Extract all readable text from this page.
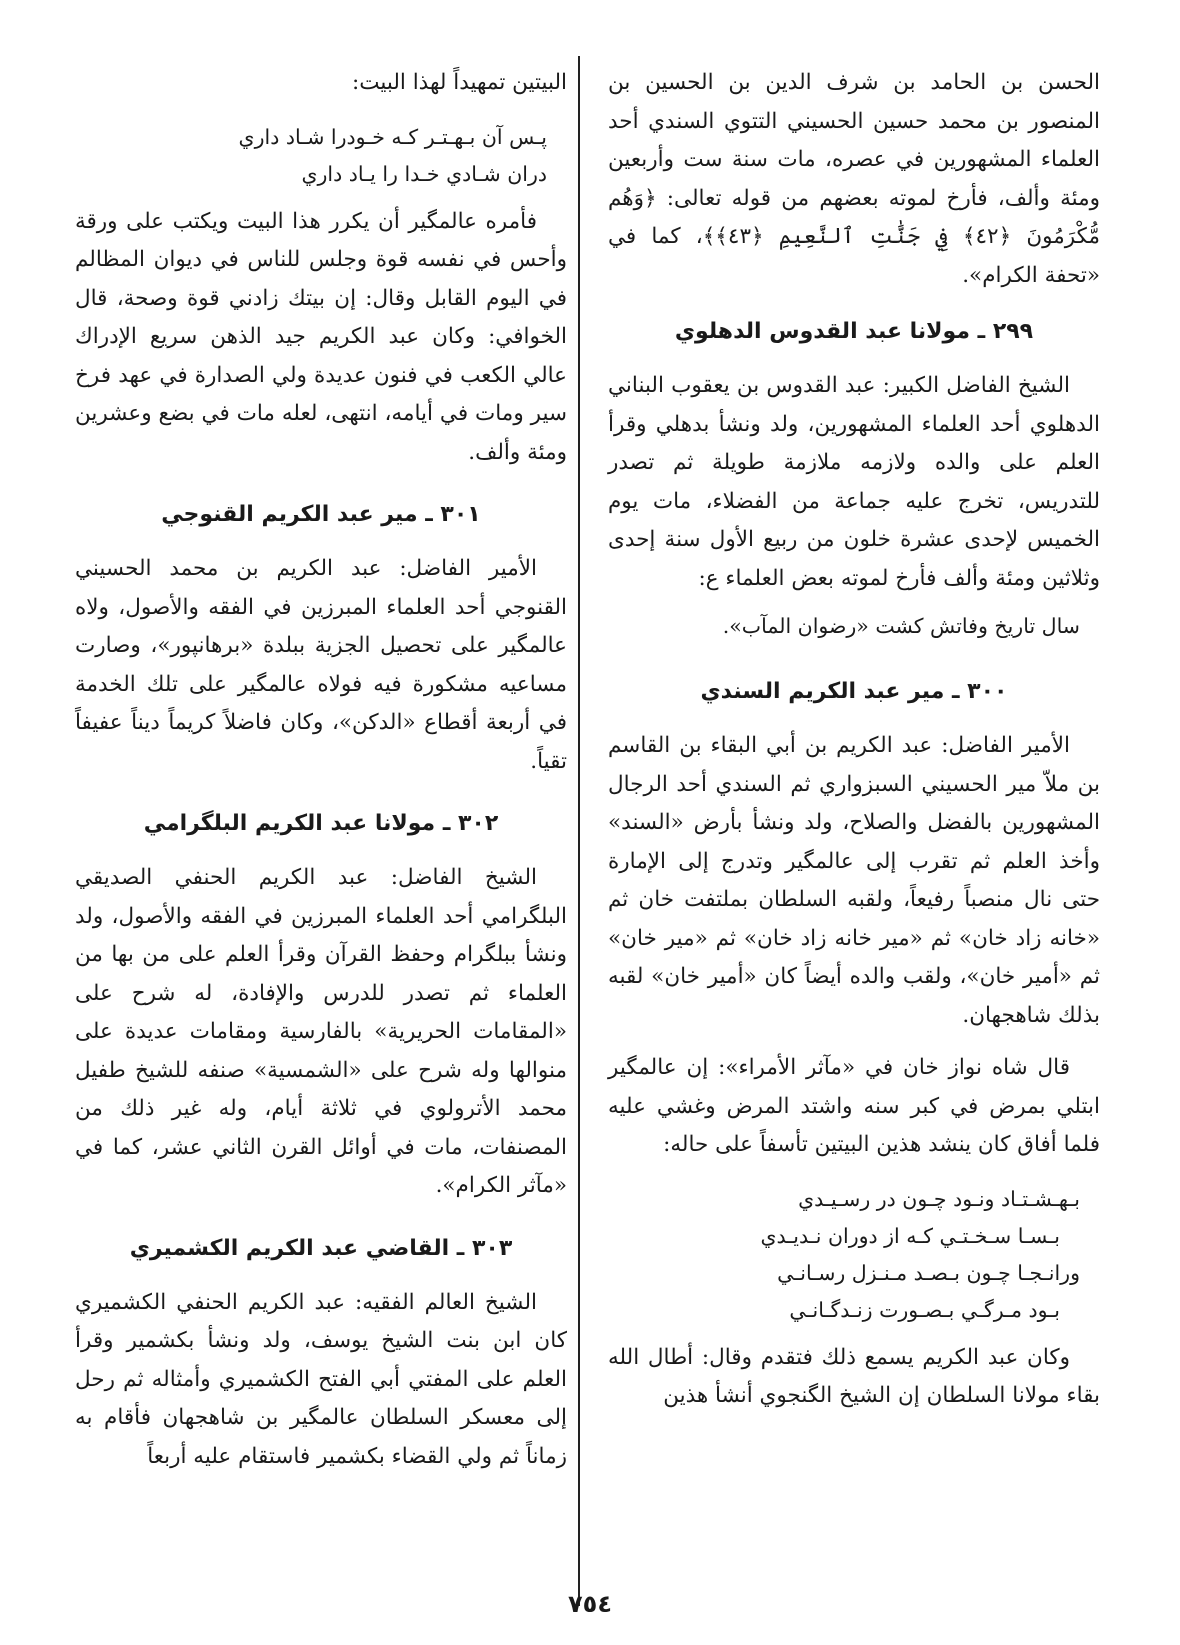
الحسن بن الحامد بن شرف الدين بن الحسين بن المنصور بن محمد حسين الحسيني التتوي السندي أحد العلماء المشهورين في عصره، مات سنة ست وأربعين ومئة وألف، فأرخ لموته بعضهم من قوله تعالى: ﴿وَهُم مُّكْرَمُونَ ﴿٤٢﴾ فِي جَنَّٰتِ ٱلنَّعِيمِ ﴿٤٣﴾﴾، كما في «تحفة الكرام».

٢٩٩ ـ مولانا عبد القدوس الدهلوي

الشيخ الفاضل الكبير: عبد القدوس بن يعقوب البناني الدهلوي أحد العلماء المشهورين، ولد ونشأ بدهلي وقرأ العلم على والده ولازمه ملازمة طويلة ثم تصدر للتدريس، تخرج عليه جماعة من الفضلاء، مات يوم الخميس لإحدى عشرة خلون من ربيع الأول سنة إحدى وثلاثين ومئة وألف فأرخ لموته بعض العلماء ع:

سال تاريخ وفاتش كشت «رضوان المآب».

٣٠٠ ـ مير عبد الكريم السندي

الأمير الفاضل: عبد الكريم بن أبي البقاء بن القاسم بن ملاّ مير الحسيني السبزواري ثم السندي أحد الرجال المشهورين بالفضل والصلاح، ولد ونشأ بأرض «السند» وأخذ العلم ثم تقرب إلى عالمگير وتدرج إلى الإمارة حتى نال منصباً رفيعاً، ولقبه السلطان بملتفت خان ثم «خانه زاد خان» ثم «مير خانه زاد خان» ثم «مير خان» ثم «أمير خان»، ولقب والده أيضاً كان «أمير خان» لقبه بذلك شاهجهان.

قال شاه نواز خان في «مآثر الأمراء»: إن عالمگير ابتلي بمرض في كبر سنه واشتد المرض وغشي عليه فلما أفاق كان ينشد هذين البيتين تأسفاً على حاله:

بـهـشـتـاد ونـود چـون در رسـيـدي

بـسـا سـخـتـي كـه از دوران نـديـدي

ورانـجـا چـون بـصـد مـنـزل رسـانـي

بـود مـرگـي بـصـورت زنـدگـانـي

وكان عبد الكريم يسمع ذلك فتقدم وقال: أطال الله بقاء مولانا السلطان إن الشيخ الگنجوي أنشأ هذين

البيتين تمهيداً لهذا البيت:

پـس آن بـهـتـر كـه خـودرا شـاد داري

دران شـادي خـدا را يـاد داري

فأمره عالمگير أن يكرر هذا البيت ويكتب على ورقة وأحس في نفسه قوة وجلس للناس في ديوان المظالم في اليوم القابل وقال: إن بيتك زادني قوة وصحة، قال الخوافي: وكان عبد الكريم جيد الذهن سريع الإدراك عالي الكعب في فنون عديدة ولي الصدارة في عهد فرخ سير ومات في أيامه، انتهى، لعله مات في بضع وعشرين ومئة وألف.

٣٠١ ـ مير عبد الكريم القنوجي

الأمير الفاضل: عبد الكريم بن محمد الحسيني القنوجي أحد العلماء المبرزين في الفقه والأصول، ولاه عالمگير على تحصيل الجزية ببلدة «برهانپور»، وصارت مساعيه مشكورة فيه فولاه عالمگير على تلك الخدمة في أربعة أقطاع «الدكن»، وكان فاضلاً كريماً ديناً عفيفاً تقياً.

٣٠٢ ـ مولانا عبد الكريم البلگرامي

الشيخ الفاضل: عبد الكريم الحنفي الصديقي البلگرامي أحد العلماء المبرزين في الفقه والأصول، ولد ونشأ ببلگرام وحفظ القرآن وقرأ العلم على من بها من العلماء ثم تصدر للدرس والإفادة، له شرح على «المقامات الحريرية» بالفارسية ومقامات عديدة على منوالها وله شرح على «الشمسية» صنفه للشيخ طفيل محمد الأترولوي في ثلاثة أيام، وله غير ذلك من المصنفات، مات في أوائل القرن الثاني عشر، كما في «مآثر الكرام».

٣٠٣ ـ القاضي عبد الكريم الكشميري

الشيخ العالم الفقيه: عبد الكريم الحنفي الكشميري كان ابن بنت الشيخ يوسف، ولد ونشأ بكشمير وقرأ العلم على المفتي أبي الفتح الكشميري وأمثاله ثم رحل إلى معسكر السلطان عالمگير بن شاهجهان فأقام به زماناً ثم ولي القضاء بكشمير فاستقام عليه أربعاً

٧٥٤
